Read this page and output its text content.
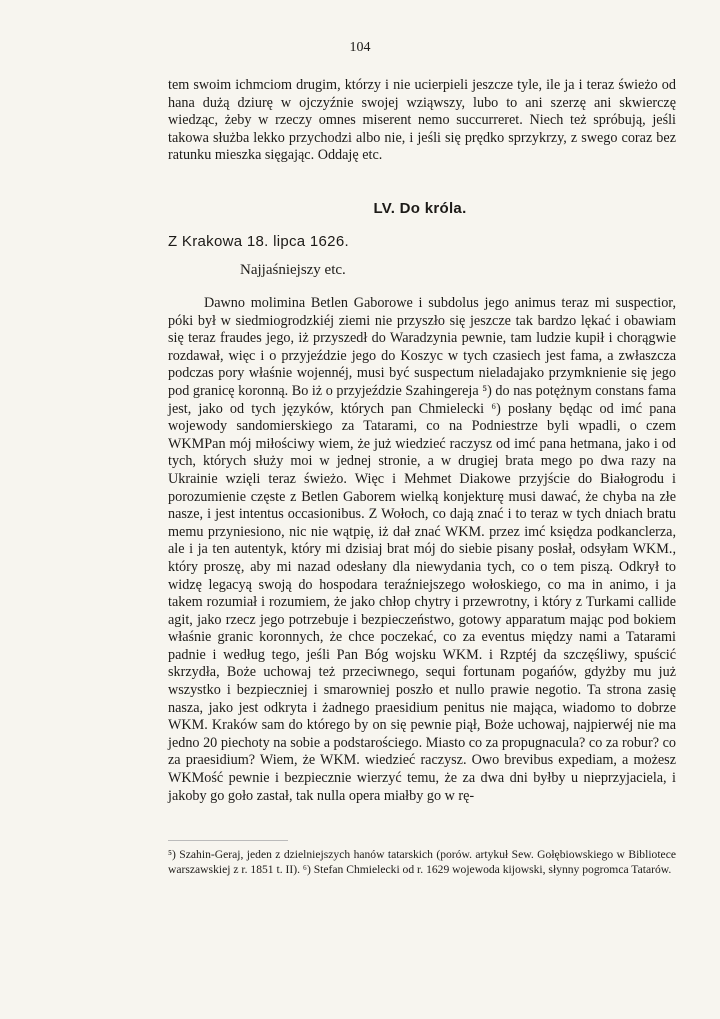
104
tem swoim ichmciom drugim, którzy i nie ucierpieli jeszcze tyle, ile ja i teraz świeżo od hana dużą dziurę w ojczyźnie swojej wziąwszy, lubo to ani szerzę ani skwierczę wiedząc, żeby w rzeczy omnes miserent nemo succurreret. Niech też spróbują, jeśli takowa służba lekko przychodzi albo nie, i jeśli się prędko sprzykrzy, z swego coraz bez ratunku mieszka sięgając. Oddaję etc.
LV. Do króla.
Z Krakowa 18. lipca 1626.
Najjaśniejszy etc.
Dawno molimina Betlen Gaborowe i subdolus jego animus teraz mi suspectior, póki był w siedmiogrodzkiéj ziemi nie przyszło się jeszcze tak bardzo lękać i obawiam się teraz fraudes jego, iż przyszedł do Waradzynia pewnie, tam ludzie kupił i chorągwie rozdawał, więc i o przyjeździe jego do Koszyc w tych czasiech jest fama, a zwłaszcza podczas pory właśnie wojennéj, musi być suspectum nieladajako przymknienie się jego pod granicę koronną. Bo iż o przyjeździe Szahingereja ⁵) do nas potężnym constans fama jest, jako od tych języków, których pan Chmielecki ⁶) posłany będąc od imć pana wojewody sandomierskiego za Tatarami, co na Podniestrze byli wpadli, o czem WKMPan mój miłościwy wiem, że już wiedzieć raczysz od imć pana hetmana, jako i od tych, których służy moi w jednej stronie, a w drugiej brata mego po dwa razy na Ukrainie wzięli teraz świeżo. Więc i Mehmet Diakowe przyjście do Białogrodu i porozumienie częste z Betlen Gaborem wielką konjekturę musi dawać, że chyba na złe nasze, i jest intentus occasionibus. Z Wołoch, co dają znać i to teraz w tych dniach bratu memu przyniesiono, nic nie wątpię, iż dał znać WKM. przez imć księdza podkanclerza, ale i ja ten autentyk, który mi dzisiaj brat mój do siebie pisany posłał, odsyłam WKM., który proszę, aby mi nazad odesłany dla niewydania tych, co o tem piszą. Odkrył to widzę legacyą swoją do hospodara teraźniejszego wołoskiego, co ma in animo, i ja takem rozumiał i rozumiem, że jako chłop chytry i przewrotny, i który z Turkami callide agit, jako rzecz jego potrzebuje i bezpieczeństwo, gotowy apparatum mając pod bokiem właśnie granic koronnych, że chce poczekać, co za eventus między nami a Tatarami padnie i według tego, jeśli Pan Bóg wojsku WKM. i Rzptéj da szczęśliwy, spuścić skrzydła, Boże uchowaj też przeciwnego, sequi fortunam pogańów, gdyżby mu już wszystko i bezpieczniej i smarowniej poszło et nullo prawie negotio. Ta strona zasię nasza, jako jest odkryta i żadnego praesidium penitus nie mająca, wiadomo to dobrze WKM. Kraków sam do którego by on się pewnie piął, Boże uchowaj, najpierwéj nie ma jedno 20 piechoty na sobie a podstarościego. Miasto co za propugnacula? co za robur? co za praesidium? Wiem, że WKM. wiedzieć raczysz. Owo brevibus expediam, a możesz WKMość pewnie i bezpiecznie wierzyć temu, że za dwa dni byłby u nieprzyjaciela, i jakoby go goło zastał, tak nulla opera miałby go w rę-
⁵) Szahin-Geraj, jeden z dzielniejszych hanów tatarskich (porów. artykuł Sew. Gołębiowskiego w Bibliotece warszawskiej z r. 1851 t. II). ⁶) Stefan Chmielecki od r. 1629 wojewoda kijowski, słynny pogromca Tatarów.
